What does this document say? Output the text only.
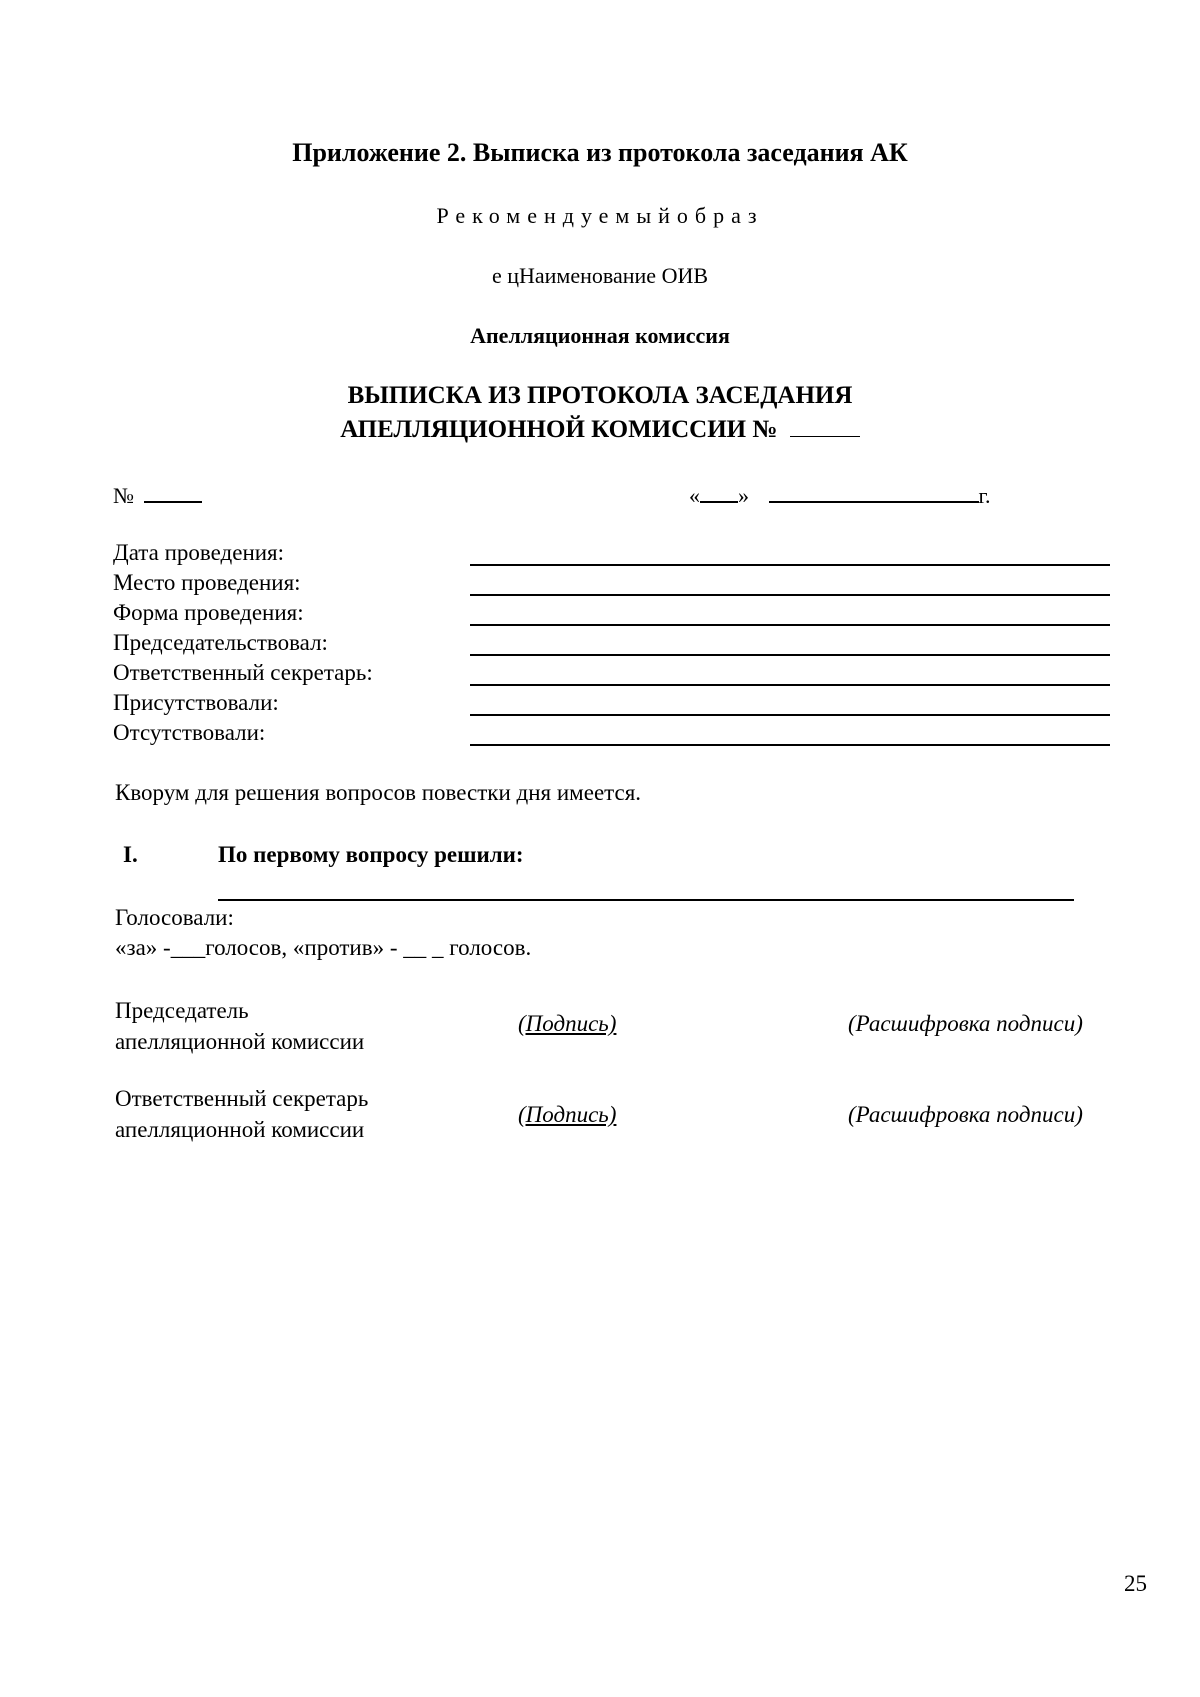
Приложение 2. Выписка из протокола заседания АК
Рекомендуемыйобраз
е цНаименование ОИВ
Апелляционная комиссия
ВЫПИСКА ИЗ ПРОТОКОЛА ЗАСЕДАНИЯ
АПЕЛЛЯЦИОННОЙ КОМИССИИ №
№	« »	г.
Дата проведения:
Место проведения:
Форма проведения:
Председательствовал:
Ответственный секретарь:
Присутствовали:
Отсутствовали:
Кворум для решения вопросов повестки дня имеется.
I.	По первому вопросу решили:
Голосовали:
«за» -___голосов, «против» - __ _ голосов.
Председатель
апелляционной комиссии
(Подпись)	(Расшифровка подписи)
Ответственный секретарь
апелляционной комиссии
(Подпись)	(Расшифровка подписи)
25
